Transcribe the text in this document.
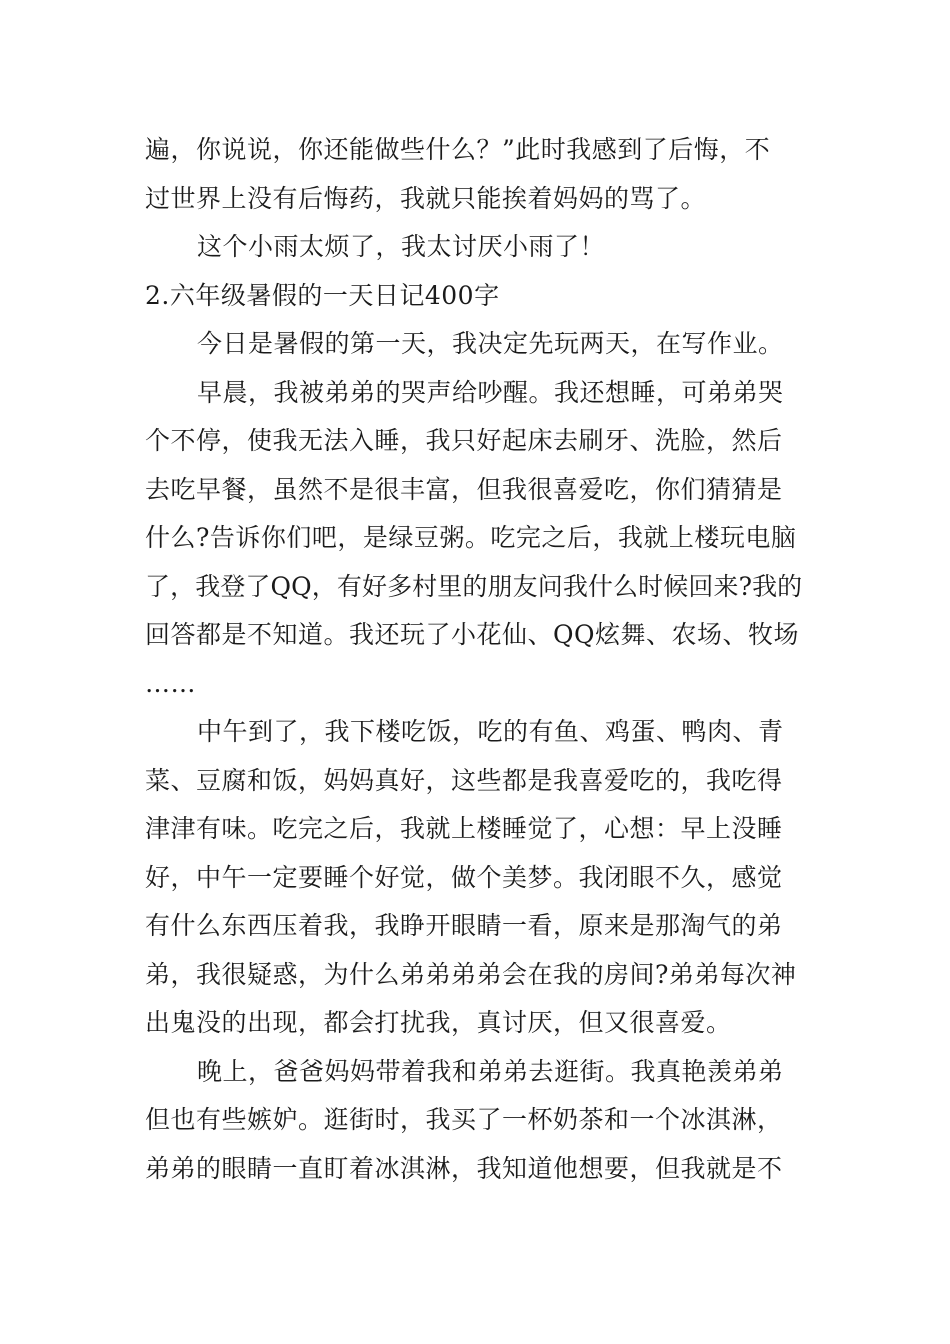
遍，你说说，你还能做些什么？”此时我感到了后悔，不
过世界上没有后悔药，我就只能挨着妈妈的骂了。
这个小雨太烦了，我太讨厌小雨了！
2.六年级暑假的一天日记400字
今日是暑假的第一天，我决定先玩两天，在写作业。
早晨，我被弟弟的哭声给吵醒。我还想睡，可弟弟哭
个不停，使我无法入睡，我只好起床去刷牙、洗脸，然后
去吃早餐，虽然不是很丰富，但我很喜爱吃，你们猜猜是
什么?告诉你们吧，是绿豆粥。吃完之后，我就上楼玩电脑
了，我登了QQ，有好多村里的朋友问我什么时候回来?我的
回答都是不知道。我还玩了小花仙、QQ炫舞、农场、牧场
……
中午到了，我下楼吃饭，吃的有鱼、鸡蛋、鸭肉、青
菜、豆腐和饭，妈妈真好，这些都是我喜爱吃的，我吃得
津津有味。吃完之后，我就上楼睡觉了，心想：早上没睡
好，中午一定要睡个好觉，做个美梦。我闭眼不久，感觉
有什么东西压着我，我睁开眼睛一看，原来是那淘气的弟
弟，我很疑惑，为什么弟弟弟弟会在我的房间?弟弟每次神
出鬼没的出现，都会打扰我，真讨厌，但又很喜爱。
晚上，爸爸妈妈带着我和弟弟去逛街。我真艳羡弟弟
但也有些嫉妒。逛街时，我买了一杯奶茶和一个冰淇淋，
弟弟的眼睛一直盯着冰淇淋，我知道他想要，但我就是不
